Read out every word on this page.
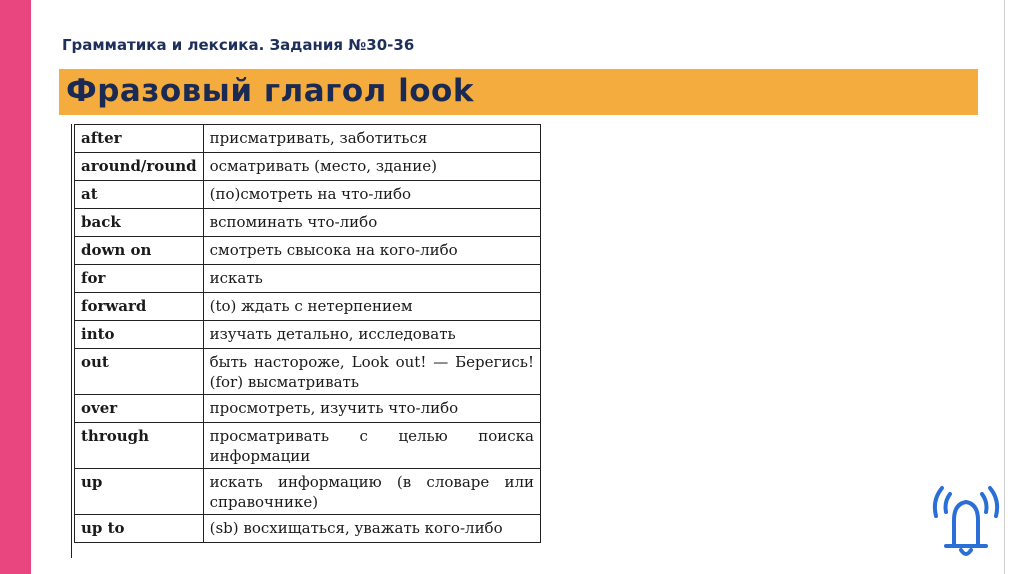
Грамматика и лексика. Задания №30-36
Фразовый глагол look
after	присматривать, заботиться
around/round	осматривать (место, здание)
at	(по)смотреть на что-либо
back	вспоминать что-либо
down on	смотреть свысока на кого-либо
for	искать
forward	(to) ждать с нетерпением
into	изучать детально, исследовать
out	быть настороже, Look out! — Берегись! (for) высматривать
over	просмотреть, изучить что-либо
through	просматривать с целью поиска информации
up	искать информацию (в словаре или справочнике)
up to	(sb) восхищаться, уважать кого-либо
